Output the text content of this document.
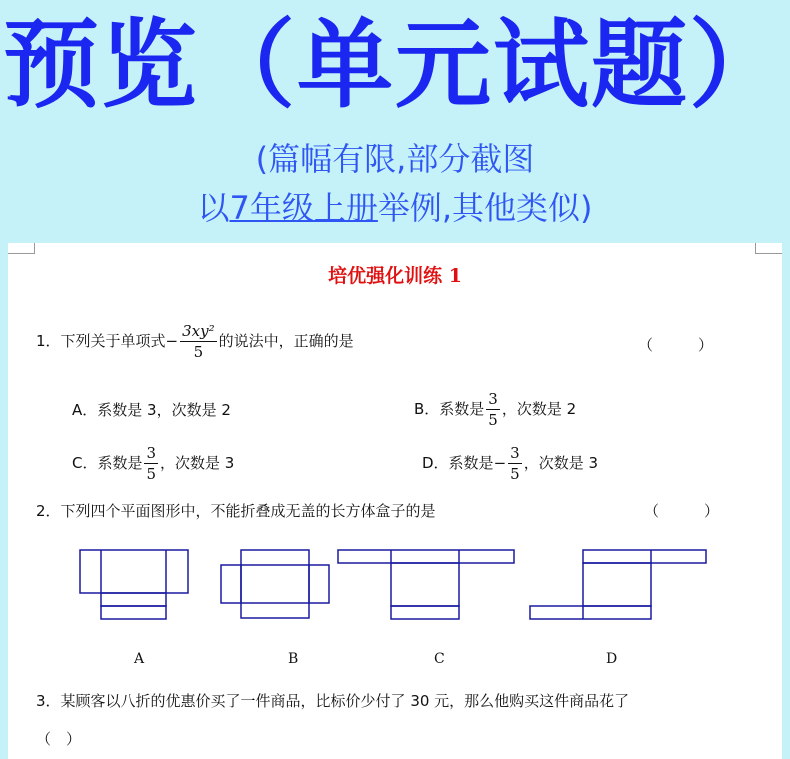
预览（单元试题）
(篇幅有限,部分截图
以7年级上册举例,其他类似)
培优强化训练 1
1．下列关于单项式− $\frac{\text{3xy²}}{5}$ 的说法中，正确的是	（　　　）
A．系数是 3，次数是 2	B．系数是 $\frac{3}{5}$ ，次数是 2
C．系数是 $\frac{3}{5}$ ，次数是 3	D．系数是− $\frac{3}{5}$ ，次数是 3
2．下列四个平面图形中，不能折叠成无盖的长方体盒子的是	（　　　）
A	B	C	D
3．某顾客以八折的优惠价买了一件商品，比标价少付了 30 元，那么他购买这件商品花了
（　）
